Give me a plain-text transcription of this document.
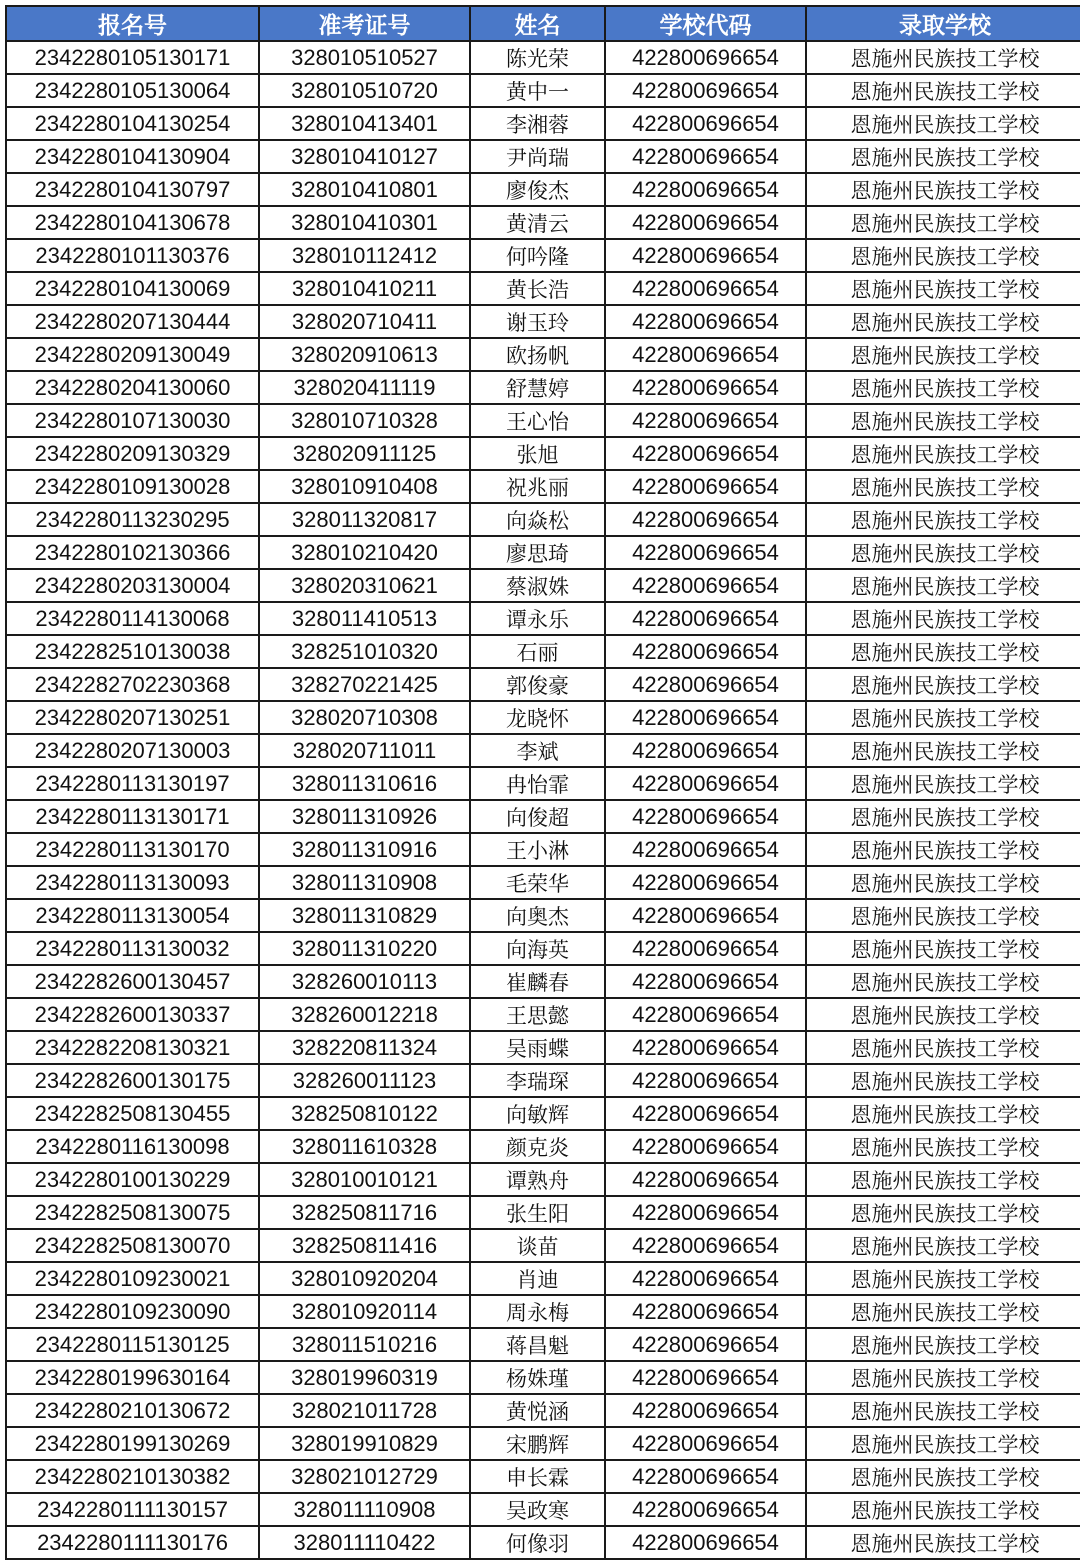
报名号	准考证号	姓名	学校代码	录取学校
2342280105130171	328010510527	陈光荣	422800696654	恩施州民族技工学校
2342280105130064	328010510720	黄中一	422800696654	恩施州民族技工学校
2342280104130254	328010413401	李湘蓉	422800696654	恩施州民族技工学校
2342280104130904	328010410127	尹尚瑞	422800696654	恩施州民族技工学校
2342280104130797	328010410801	廖俊杰	422800696654	恩施州民族技工学校
2342280104130678	328010410301	黄清云	422800696654	恩施州民族技工学校
2342280101130376	328010112412	何吟隆	422800696654	恩施州民族技工学校
2342280104130069	328010410211	黄长浩	422800696654	恩施州民族技工学校
2342280207130444	328020710411	谢玉玲	422800696654	恩施州民族技工学校
2342280209130049	328020910613	欧扬帆	422800696654	恩施州民族技工学校
2342280204130060	328020411119	舒慧婷	422800696654	恩施州民族技工学校
2342280107130030	328010710328	王心怡	422800696654	恩施州民族技工学校
2342280209130329	328020911125	张旭	422800696654	恩施州民族技工学校
2342280109130028	328010910408	祝兆丽	422800696654	恩施州民族技工学校
2342280113230295	328011320817	向焱松	422800696654	恩施州民族技工学校
2342280102130366	328010210420	廖思琦	422800696654	恩施州民族技工学校
2342280203130004	328020310621	蔡淑姝	422800696654	恩施州民族技工学校
2342280114130068	328011410513	谭永乐	422800696654	恩施州民族技工学校
2342282510130038	328251010320	石丽	422800696654	恩施州民族技工学校
2342282702230368	328270221425	郭俊豪	422800696654	恩施州民族技工学校
2342280207130251	328020710308	龙晓怀	422800696654	恩施州民族技工学校
2342280207130003	328020711011	李斌	422800696654	恩施州民族技工学校
2342280113130197	328011310616	冉怡霏	422800696654	恩施州民族技工学校
2342280113130171	328011310926	向俊超	422800696654	恩施州民族技工学校
2342280113130170	328011310916	王小淋	422800696654	恩施州民族技工学校
2342280113130093	328011310908	毛荣华	422800696654	恩施州民族技工学校
2342280113130054	328011310829	向奥杰	422800696654	恩施州民族技工学校
2342280113130032	328011310220	向海英	422800696654	恩施州民族技工学校
2342282600130457	328260010113	崔麟春	422800696654	恩施州民族技工学校
2342282600130337	328260012218	王思懿	422800696654	恩施州民族技工学校
2342282208130321	328220811324	吴雨蝶	422800696654	恩施州民族技工学校
2342282600130175	328260011123	李瑞琛	422800696654	恩施州民族技工学校
2342282508130455	328250810122	向敏辉	422800696654	恩施州民族技工学校
2342280116130098	328011610328	颜克炎	422800696654	恩施州民族技工学校
2342280100130229	328010010121	谭熟舟	422800696654	恩施州民族技工学校
2342282508130075	328250811716	张生阳	422800696654	恩施州民族技工学校
2342282508130070	328250811416	谈苗	422800696654	恩施州民族技工学校
2342280109230021	328010920204	肖迪	422800696654	恩施州民族技工学校
2342280109230090	328010920114	周永梅	422800696654	恩施州民族技工学校
2342280115130125	328011510216	蒋昌魁	422800696654	恩施州民族技工学校
2342280199630164	328019960319	杨姝瑾	422800696654	恩施州民族技工学校
2342280210130672	328021011728	黄悦涵	422800696654	恩施州民族技工学校
2342280199130269	328019910829	宋鹏辉	422800696654	恩施州民族技工学校
2342280210130382	328021012729	申长霖	422800696654	恩施州民族技工学校
2342280111130157	328011110908	吴政寒	422800696654	恩施州民族技工学校
2342280111130176	328011110422	何像羽	422800696654	恩施州民族技工学校
